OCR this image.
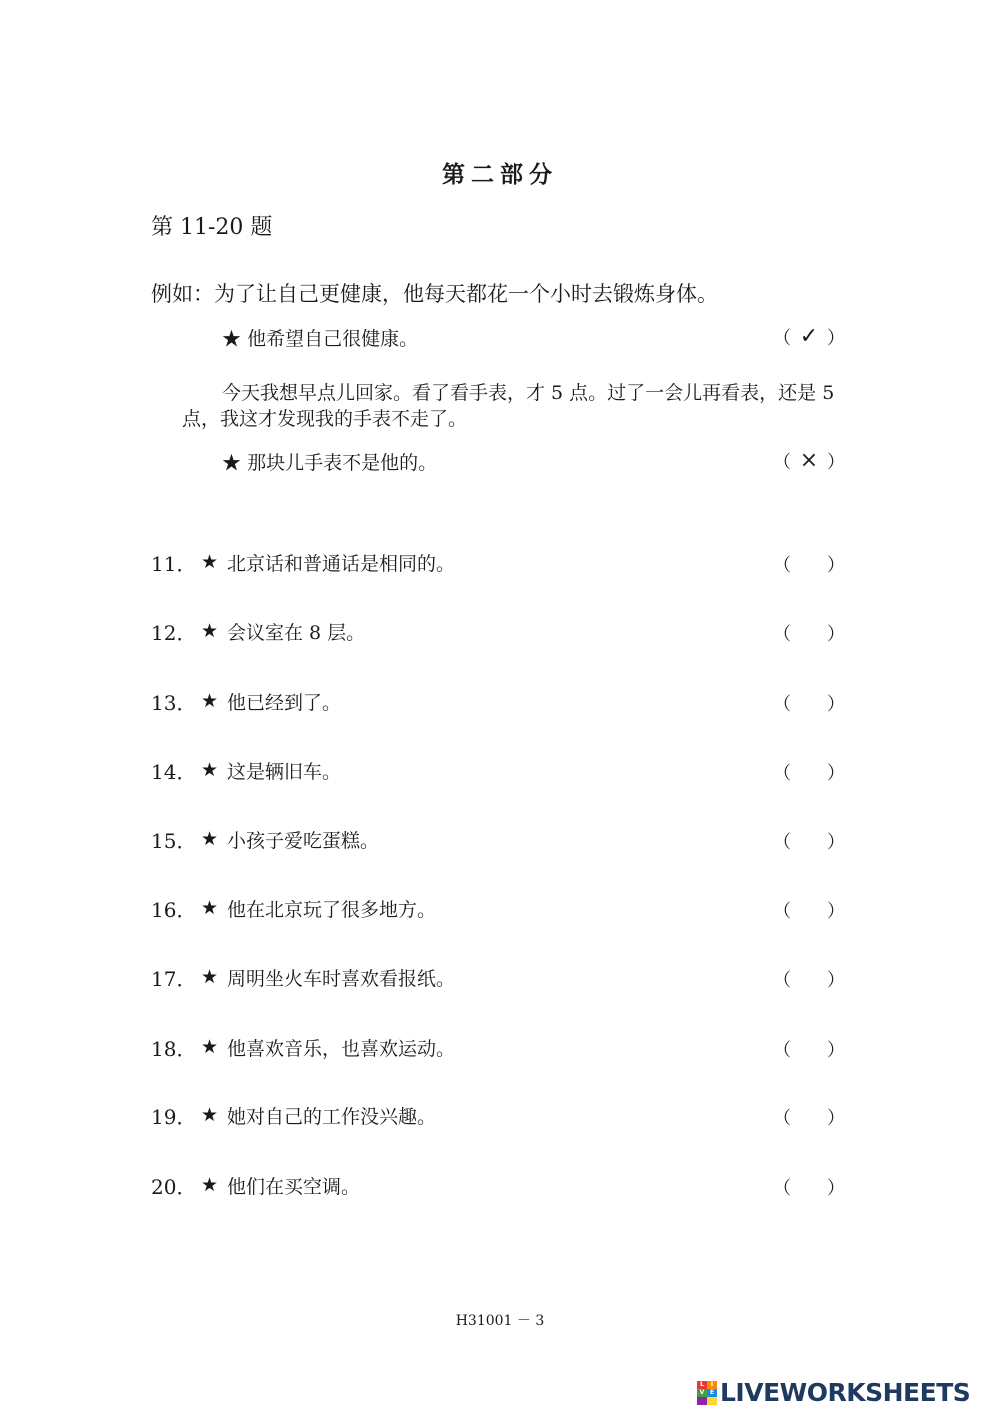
第二部分
第 11-20 题
例如：为了让自己更健康，他每天都花一个小时去锻炼身体。
★ 他希望自己很健康。	（ ✓ ）
今天我想早点儿回家。看了看手表，才 5 点。过了一会儿再看表，还是 5 点，我这才发现我的手表不走了。
★ 那块儿手表不是他的。	（ × ）
11． ★ 北京话和普通话是相同的。	（ ）
12． ★ 会议室在 8 层。	（ ）
13． ★ 他已经到了。	（ ）
14． ★ 这是辆旧车。	（ ）
15． ★ 小孩子爱吃蛋糕。	（ ）
16． ★ 他在北京玩了很多地方。	（ ）
17． ★ 周明坐火车时喜欢看报纸。	（ ）
18． ★ 他喜欢音乐，也喜欢运动。	（ ）
19． ★ 她对自己的工作没兴趣。	（ ）
20． ★ 他们在买空调。	（ ）
H31001 － 3
L	I
V E LIVEWORKSHEETS
